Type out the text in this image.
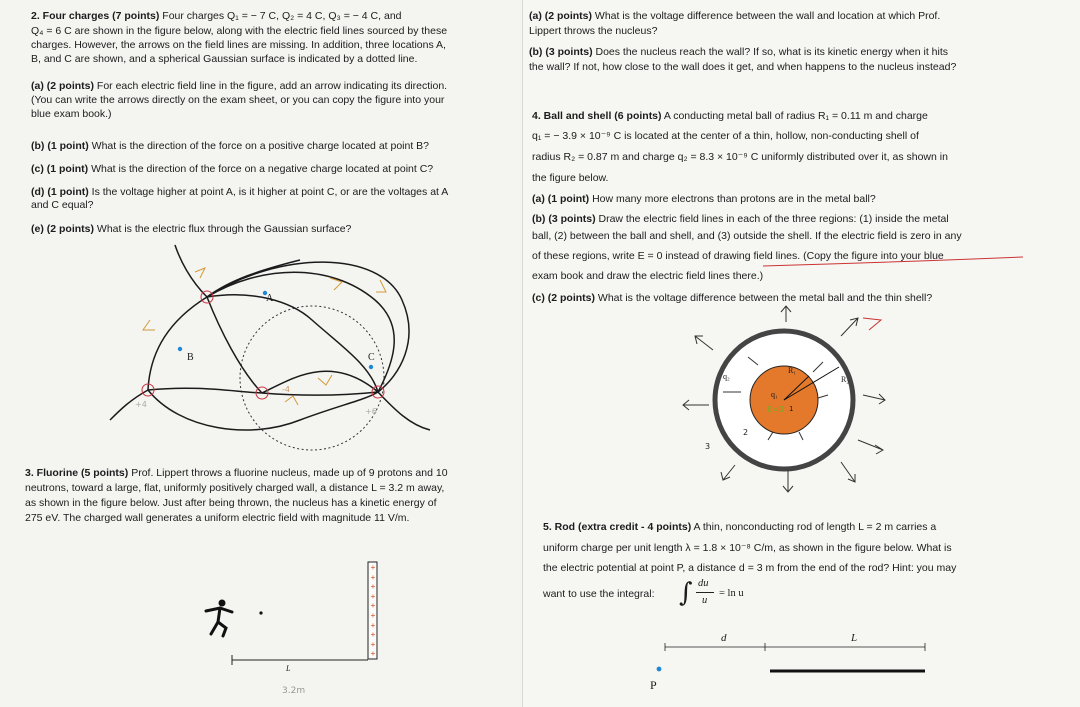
2. Four charges (7 points) Four charges Q₁ = − 7 C, Q₂ = 4 C, Q₃ = − 4 C, and

Q₄ = 6 C are shown in the figure below, along with the electric field lines sourced by these

charges. However, the arrows on the field lines are missing. In addition, three locations A,

B, and C are shown, and a spherical Gaussian surface is indicated by a dotted line.

(a) (2 points) For each electric field line in the figure, add an arrow indicating its direction.

(You can write the arrows directly on the exam sheet, or you can copy the figure into your

blue exam book.)

(b) (1 point) What is the direction of the force on a positive charge located at point B?

(c) (1 point) What is the direction of the force on a negative charge located at point C?

(d) (1 point) Is the voltage higher at point A, is it higher at point C, or are the voltages at A

and C equal?

(e) (2 points) What is the electric flux through the Gaussian surface?

A
B	C
+4
-4
+6

3. Fluorine (5 points) Prof. Lippert throws a fluorine nucleus, made up of 9 protons and 10

neutrons, toward a large, flat, uniformly positively charged wall, a distance L = 3.2 m away,

as shown in the figure below. Just after being thrown, the nucleus has a kinetic energy of

275 eV. The charged wall generates a uniform electric field with magnitude 11 V/m.

+
+
+
+
+
+
+
+
+
+
L
3.2m

(a) (2 points) What is the voltage difference between the wall and location at which Prof.

Lippert throws the nucleus?

(b) (3 points) Does the nucleus reach the wall? If so, what is its kinetic energy when it hits

the wall? If not, how close to the wall does it get, and when happens to the nucleus instead?

4. Ball and shell (6 points) A conducting metal ball of radius R₁ = 0.11 m and charge

q₁ = − 3.9 × 10⁻⁹ C is located at the center of a thin, hollow, non-conducting shell of

radius R₂ = 0.87 m and charge q₂ = 8.3 × 10⁻⁹ C uniformly distributed over it, as shown in

the figure below.

(a) (1 point) How many more electrons than protons are in the metal ball?

(b) (3 points) Draw the electric field lines in each of the three regions: (1) inside the metal

ball, (2) between the ball and shell, and (3) outside the shell. If the electric field is zero in any

of these regions, write E = 0 instead of drawing field lines. (Copy the figure into your blue

exam book and draw the electric field lines there.)

(c) (2 points) What is the voltage difference between the metal ball and the thin shell?

q₂
q₁
R₁
R₂
2
3
E=0 1

5. Rod (extra credit - 4 points) A thin, nonconducting rod of length L = 2 m carries a

uniform charge per unit length λ = 1.8 × 10⁻⁸ C/m, as shown in the figure below. What is

the electric potential at point P, a distance d = 3 m from the end of the rod? Hint: you may

want to use the integral: ∫ du
u
= ln u
d	L
P
